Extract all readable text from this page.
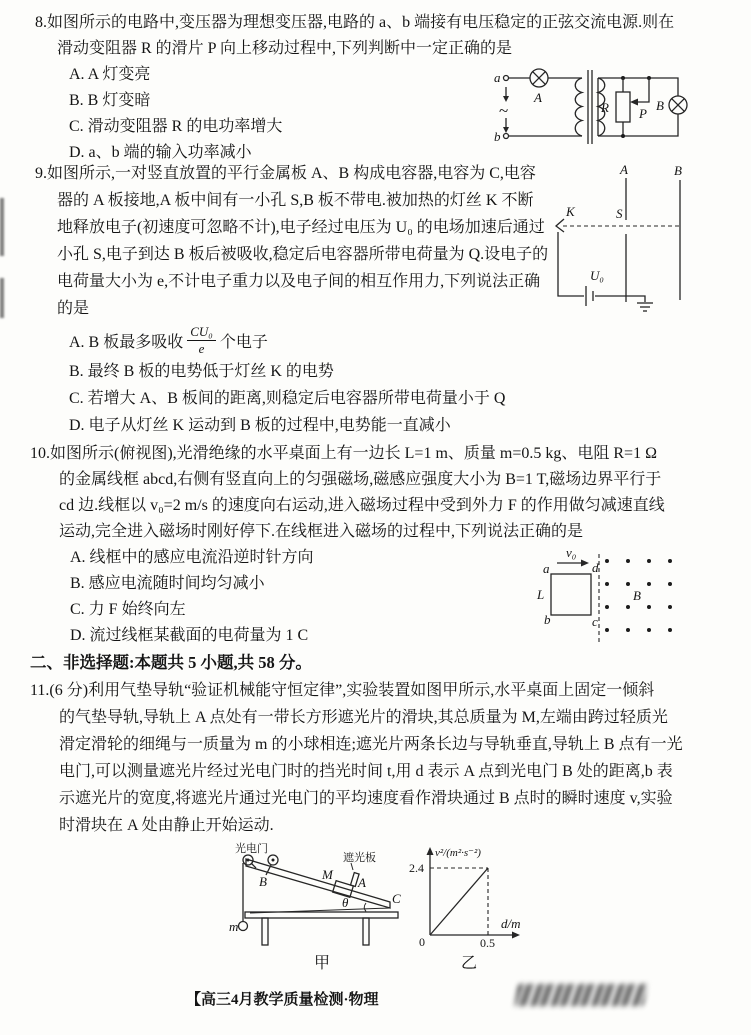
8.如图所示的电路中,变压器为理想变压器,电路的 a、b 端接有电压稳定的正弦交流电源.则在
滑动变阻器 R 的滑片 P 向上移动过程中,下列判断中一定正确的是
A. A 灯变亮
B. B 灯变暗
C. 滑动变阻器 R 的电功率增大
D. a、b 端的输入功率减小
a
b
A
~	B
R P
9.如图所示,一对竖直放置的平行金属板 A、B 构成电容器,电容为 C,电容
器的 A 板接地,A 板中间有一小孔 S,B 板不带电.被加热的灯丝 K 不断
地释放电子(初速度可忽略不计),电子经过电压为 U₀ 的电场加速后通过
小孔 S,电子到达 B 板后被吸收,稳定后电容器所带电荷量为 Q.设电子的
电荷量大小为 e,不计电子重力以及电子间的相互作用力,下列说法正确
的是
A. B 板最多吸收 $\frac{\text{CU₀}}{e}$ 个电子
B. 最终 B 板的电势低于灯丝 K 的电势
C. 若增大 A、B 板间的距离,则稳定后电容器所带电荷量小于 Q
D. 电子从灯丝 K 运动到 B 板的过程中,电势能一直减小
A	B
K	S
U₀
10.如图所示(俯视图),光滑绝缘的水平桌面上有一边长 L=1 m、质量 m=0.5 kg、电阻 R=1 Ω
的金属线框 abcd,右侧有竖直向上的匀强磁场,磁感应强度大小为 B=1 T,磁场边界平行于
cd 边.线框以 v₀=2 m/s 的速度向右运动,进入磁场过程中受到外力 F 的作用做匀减速直线
运动,完全进入磁场时刚好停下.在线框进入磁场的过程中,下列说法正确的是
A. 线框中的感应电流沿逆时针方向
B. 感应电流随时间均匀减小
C. 力 F 始终向左
D. 流过线框某截面的电荷量为 1 C
v₀
a	d
b	c
L	B
二、非选择题:本题共 5 小题,共 58 分。
11.(6 分)利用气垫导轨“验证机械能守恒定律”,实验装置如图甲所示,水平桌面上固定一倾斜
的气垫导轨,导轨上 A 点处有一带长方形遮光片的滑块,其总质量为 M,左端由跨过轻质光
滑定滑轮的细绳与一质量为 m 的小球相连;遮光片两条长边与导轨垂直,导轨上 B 点有一光
电门,可以测量遮光片经过光电门时的挡光时间 t,用 d 表示 A 点到光电门 B 处的距离,b 表
示遮光片的宽度,将遮光片通过光电门的平均速度看作滑块通过 B 点时的瞬时速度 v,实验
时滑块在 A 处由静止开始运动.
光电门
B
C
遮光板
M
A
θ
m
甲
v²/(m²·s⁻²)
2.4
0	0.5
d/m
乙
【高三4月教学质量检测·物理
